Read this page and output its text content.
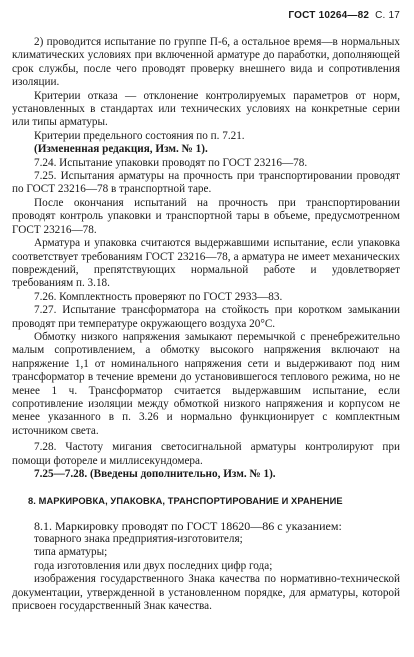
ГОСТ 10264—82 С. 17

2) проводится испытание по группе П-6, а остальное время—в нормальных климатических условиях при включенной арматуре до паработки, дополняющей срок службы, после чего проводят проверку внешнего вида и сопротивления изоляции.

Критерии отказа — отклонение контролируемых параметров от норм, установленных в стандартах или технических условиях на конкретные серии или типы арматуры.

Критерии предельного состояния по п. 7.21.

(Измененная редакция, Изм. № 1).

7.24. Испытание упаковки проводят по ГОСТ 23216—78.

7.25. Испытания арматуры на прочность при транспортировании проводят по ГОСТ 23216—78 в транспортной таре.

После окончания испытаний на прочность при транспортировании проводят контроль упаковки и транспортной тары в объеме, предусмотренном ГОСТ 23216—78.

Арматура и упаковка считаются выдержавшими испытание, если упаковка соответствует требованиям ГОСТ 23216—78, а арматура не имеет механических повреждений, препятствующих нормальной работе и удовлетворяет требованиям п. 3.18.

7.26. Комплектность проверяют по ГОСТ 2933—83.

7.27. Испытание трансформатора на стойкость при коротком замыкании проводят при температуре окружающего воздуха 20°С.

Обмотку низкого напряжения замыкают перемычкой с пренебрежительно малым сопротивлением, а обмотку высокого напряжения включают на напряжение 1,1 от номинального напряжения сети и выдерживают под ним трансформатор в течение времени до установившегося теплового режима, но не менее 1 ч. Трансформатор считается выдержавшим испытание, если сопротивление изоляции между обмоткой низкого напряжения и корпусом не менее указанного в п. 3.26 и нормально функционирует с комплектным источником света.

7.28. Частоту мигания светосигнальной арматуры контролируют при помощи фотореле и миллисекундомера.

7.25—7.28. (Введены дополнительно, Изм. № 1).

8. МАРКИРОВКА, УПАКОВКА, ТРАНСПОРТИРОВАНИЕ И ХРАНЕНИЕ

8.1. Маркировку проводят по ГОСТ 18620—86 с указанием:

товарного знака предприятия-изготовителя;

типа арматуры;

года изготовления или двух последних цифр года;

изображения государственного Знака качества по нормативно-технической документации, утвержденной в установленном порядке, для арматуры, которой присвоен государственный Знак качества.
